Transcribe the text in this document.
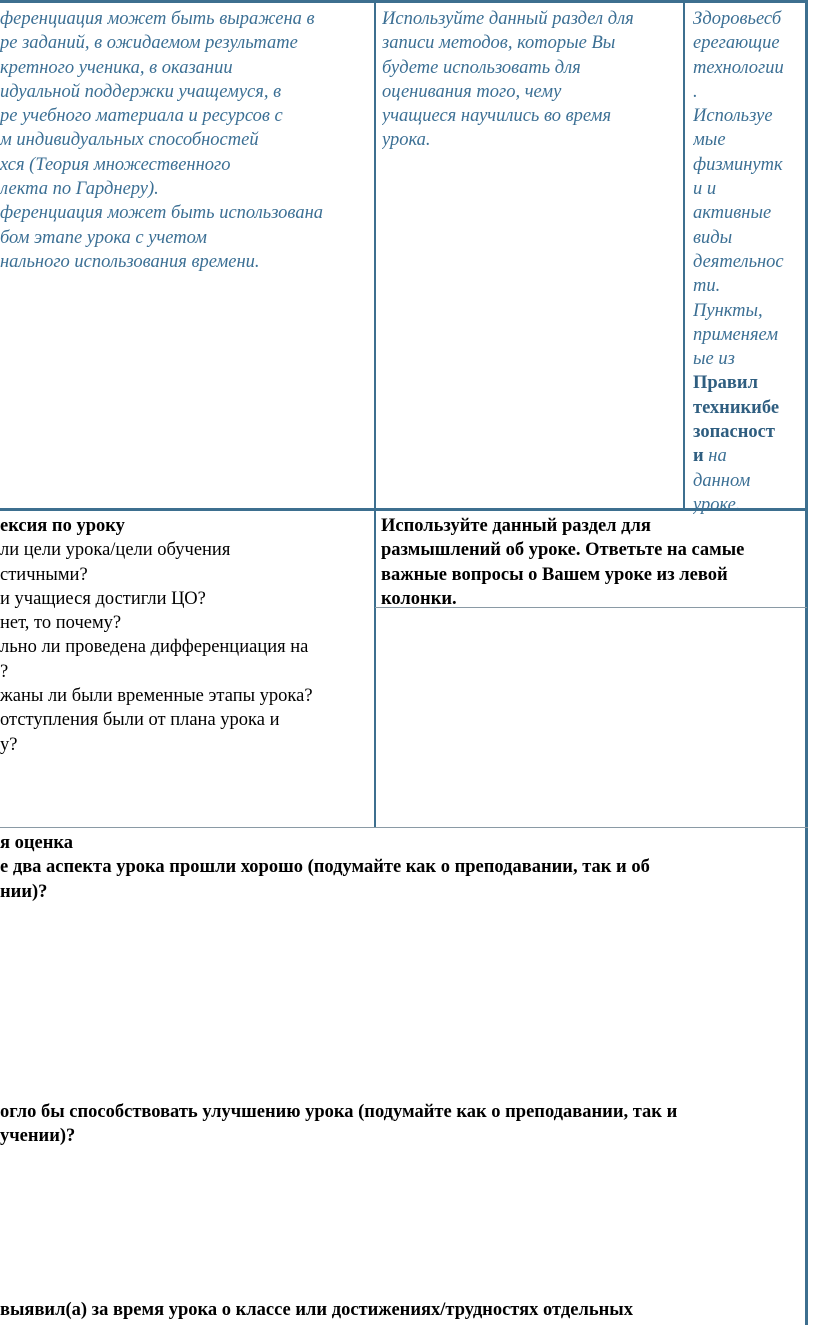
ференциация может быть выражена в

ре заданий, в ожидаемом результате

кретного ученика, в оказании

идуальной поддержки учащемуся, в

ре учебного материала и ресурсов с

м индивидуальных способностей

хся (Теория множественного

лекта по Гарднеру).

ференциация может быть использована

бом этапе урока с учетом

нального использования времени.

Используйте данный раздел для

записи методов, которые Вы

будете использовать для

оценивания того, чему

учащиеся научились во время

урока.

Здоровьесб

ерегающие

технологии

.

Используе

мые

физминутк

и и

активные

виды

деятельнос

ти.

Пункты,

применяем

ые из

Правил

техникибе

зопасност

и на

данном

уроке.

ексия по уроку

ли цели урока/цели обучения

стичными?

и учащиеся достигли ЦО?

нет, то почему?

льно ли проведена дифференциация на

?

жаны ли были временные этапы урока?

отступления были от плана урока и

у?

Используйте данный раздел для

размышлений об уроке. Ответьте на самые

важные вопросы о Вашем уроке из левой

колонки.

я оценка

е два аспекта урока прошли хорошо (подумайте как о преподавании, так и об

нии)?

огло бы способствовать улучшению урока (подумайте как о преподавании, так и

учении)?

выявил(а) за время урока о классе или достижениях/трудностях отдельных
